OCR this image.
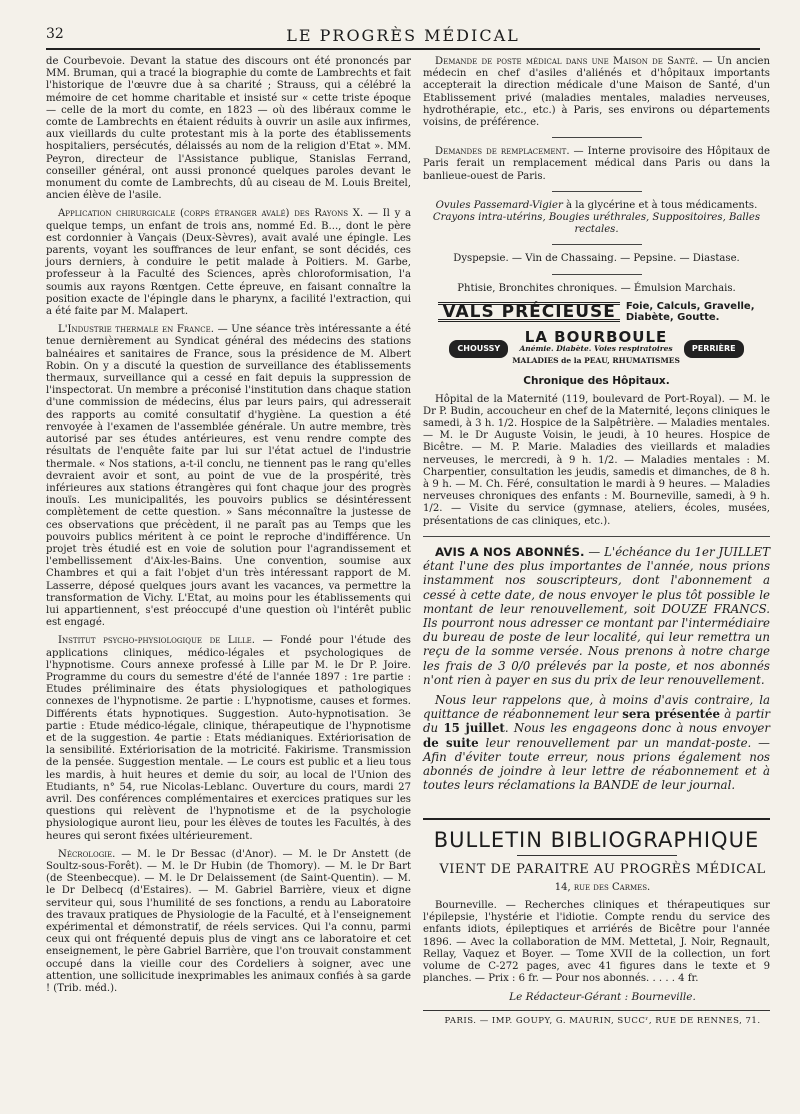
32	LE PROGRÈS MÉDICAL

de Courbevoie. Devant la statue des discours ont été prononcés par MM. Bruman, qui a tracé la biographie du comte de Lambrechts et fait l'historique de l'œuvre due à sa charité ; Strauss, qui a célébré la mémoire de cet homme charitable et insisté sur « cette triste époque — celle de la mort du comte, en 1823 — où des libéraux comme le comte de Lambrechts en étaient réduits à ouvrir un asile aux infirmes, aux vieillards du culte protestant mis à la porte des établissements hospitaliers, persécutés, délaissés au nom de la religion d'Etat ». MM. Peyron, directeur de l'Assistance publique, Stanislas Ferrand, conseiller général, ont aussi prononcé quelques paroles devant le monument du comte de Lambrechts, dû au ciseau de M. Louis Breitel, ancien élève de l'asile.

Application chirurgicale (corps étranger avalé) des Rayons X. — Il y a quelque temps, un enfant de trois ans, nommé Ed. B..., dont le père est cordonnier à Vançais (Deux-Sèvres), avait avalé une épingle. Les parents, voyant les souffrances de leur enfant, se sont décidés, ces jours derniers, à conduire le petit malade à Poitiers. M. Garbe, professeur à la Faculté des Sciences, après chloroformisation, l'a soumis aux rayons Rœntgen. Cette épreuve, en faisant connaître la position exacte de l'épingle dans le pharynx, a facilité l'extraction, qui a été faite par M. Malapert.

L'Industrie thermale en France. — Une séance très intéressante a été tenue dernièrement au Syndicat général des médecins des stations balnéaires et sanitaires de France, sous la présidence de M. Albert Robin. On y a discuté la question de surveillance des établissements thermaux, surveillance qui a cessé en fait depuis la suppression de l'inspectorat. Un membre a préconisé l'institution dans chaque station d'une commission de médecins, élus par leurs pairs, qui adresserait des rapports au comité consultatif d'hygiène. La question a été renvoyée à l'examen de l'assemblée générale. Un autre membre, très autorisé par ses études antérieures, est venu rendre compte des résultats de l'enquête faite par lui sur l'état actuel de l'industrie thermale. « Nos stations, a-t-il conclu, ne tiennent pas le rang qu'elles devraient avoir et sont, au point de vue de la prospérité, très inférieures aux stations étrangères qui font chaque jour des progrès inouïs. Les municipalités, les pouvoirs publics se désintéressent complètement de cette question. » Sans méconnaître la justesse de ces observations que précèdent, il ne paraît pas au Temps que les pouvoirs publics méritent à ce point le reproche d'indifférence. Un projet très étudié est en voie de solution pour l'agrandissement et l'embellissement d'Aix-les-Bains. Une convention, soumise aux Chambres et qui a fait l'objet d'un très intéressant rapport de M. Lasserre, déposé quelques jours avant les vacances, va permettre la transformation de Vichy. L'Etat, au moins pour les établissements qui lui appartiennent, s'est préoccupé d'une question où l'intérêt public est engagé.

Institut psycho-physiologique de Lille. — Fondé pour l'étude des applications cliniques, médico-légales et psychologiques de l'hypnotisme. Cours annexe professé à Lille par M. le Dr P. Joire. Programme du cours du semestre d'été de l'année 1897 : 1re partie : Etudes préliminaire des états physiologiques et pathologiques connexes de l'hypnotisme. 2e partie : L'hypnotisme, causes et formes. Différents états hypnotiques. Suggestion. Auto-hypnotisation. 3e partie : Etude médico-légale, clinique, thérapeutique de l'hypnotisme et de la suggestion. 4e partie : Etats médianiques. Extériorisation de la sensibilité. Extériorisation de la motricité. Fakirisme. Transmission de la pensée. Suggestion mentale. — Le cours est public et a lieu tous les mardis, à huit heures et demie du soir, au local de l'Union des Etudiants, n° 54, rue Nicolas-Leblanc. Ouverture du cours, mardi 27 avril. Des conférences complémentaires et exercices pratiques sur les questions qui relèvent de l'hypnotisme et de la psychologie physiologique auront lieu, pour les élèves de toutes les Facultés, à des heures qui seront fixées ultérieurement.

Nécrologie. — M. le Dr Bessac (d'Anor). — M. le Dr Anstett (de Soultz-sous-Forêt). — M. le Dr Hubin (de Thomory). — M. le Dr Bart (de Steenbecque). — M. le Dr Delaissement (de Saint-Quentin). — M. le Dr Delbecq (d'Estaires). — M. Gabriel Barrière, vieux et digne serviteur qui, sous l'humilité de ses fonctions, a rendu au Laboratoire des travaux pratiques de Physiologie de la Faculté, et à l'enseignement expérimental et démonstratif, de réels services. Qui l'a connu, parmi ceux qui ont fréquenté depuis plus de vingt ans ce laboratoire et cet enseignement, le père Gabriel Barrière, que l'on trouvait constamment occupé dans la vieille cour des Cordeliers à soigner, avec une attention, une sollicitude inexprimables les animaux confiés à sa garde ! (Trib. méd.).

Demande de poste médical dans une Maison de Santé. — Un ancien médecin en chef d'asiles d'aliénés et d'hôpitaux importants accepterait la direction médicale d'une Maison de Santé, d'un Etablissement privé (maladies mentales, maladies nerveuses, hydrothérapie, etc., etc.) à Paris, ses environs ou départements voisins, de préférence.

Demandes de remplacement. — Interne provisoire des Hôpitaux de Paris ferait un remplacement médical dans Paris ou dans la banlieue-ouest de Paris.

Ovules Passemard-Vigier à la glycérine et à tous médicaments.
Crayons intra-utérins, Bougies uréthrales, Suppositoires, Balles rectales.

Dyspepsie. — Vin de Chassaing. — Pepsine. — Diastase.

Phtisie, Bronchites chroniques. — Émulsion Marchais.

VALS PRÉCIEUSE	Foie, Calculs, Gravelle,
Diabète, Goutte.
CHOUSSY
LA BOURBOULE
Anémie. Diabète. Voies respiratoires
MALADIES de la PEAU, RHUMATISMES
PERRIÈRE
Chronique des Hôpitaux.

Hôpital de la Maternité (119, boulevard de Port-Royal). — M. le Dr P. Budin, accoucheur en chef de la Maternité, leçons cliniques le samedi, à 3 h. 1/2. Hospice de la Salpêtrière. — Maladies mentales. — M. le Dr Auguste Voisin, le jeudi, à 10 heures. Hospice de Bicêtre. — M. P. Marie. Maladies des vieillards et maladies nerveuses, le mercredi, à 9 h. 1/2. — Maladies mentales : M. Charpentier, consultation les jeudis, samedis et dimanches, de 8 h. à 9 h. — M. Ch. Féré, consultation le mardi à 9 heures. — Maladies nerveuses chroniques des enfants : M. Bourneville, samedi, à 9 h. 1/2. — Visite du service (gymnase, ateliers, écoles, musées, présentations de cas cliniques, etc.).

AVIS A NOS ABONNÉS. — L'échéance du 1er JUILLET étant l'une des plus importantes de l'année, nous prions instamment nos souscripteurs, dont l'abonnement a cessé à cette date, de nous envoyer le plus tôt possible le montant de leur renouvellement, soit DOUZE FRANCS. Ils pourront nous adresser ce montant par l'intermédiaire du bureau de poste de leur localité, qui leur remettra un reçu de la somme versée. Nous prenons à notre charge les frais de 3 0/0 prélevés par la poste, et nos abonnés n'ont rien à payer en sus du prix de leur renouvellement.

Nous leur rappelons que, à moins d'avis contraire, la quittance de réabonnement leur sera présentée à partir du 15 juillet. Nous les engageons donc à nous envoyer de suite leur renouvellement par un mandat-poste. — Afin d'éviter toute erreur, nous prions également nos abonnés de joindre à leur lettre de réabonnement et à toutes leurs réclamations la BANDE de leur journal.

BULLETIN BIBLIOGRAPHIQUE

VIENT DE PARAITRE AU PROGRÈS MÉDICAL

14, rue des Carmes.

Bourneville. — Recherches cliniques et thérapeutiques sur l'épilepsie, l'hystérie et l'idiotie. Compte rendu du service des enfants idiots, épileptiques et arriérés de Bicêtre pour l'année 1896. — Avec la collaboration de MM. Mettetal, J. Noir, Regnault, Rellay, Vaquez et Boyer. — Tome XVII de la collection, un fort volume de C-272 pages, avec 41 figures dans le texte et 9 planches. — Prix : 6 fr. — Pour nos abonnés. . . . . 4 fr.

Le Rédacteur-Gérant : Bourneville.

PARIS. — IMP. GOUPY, G. MAURIN, SUCCʳ, RUE DE RENNES, 71.
